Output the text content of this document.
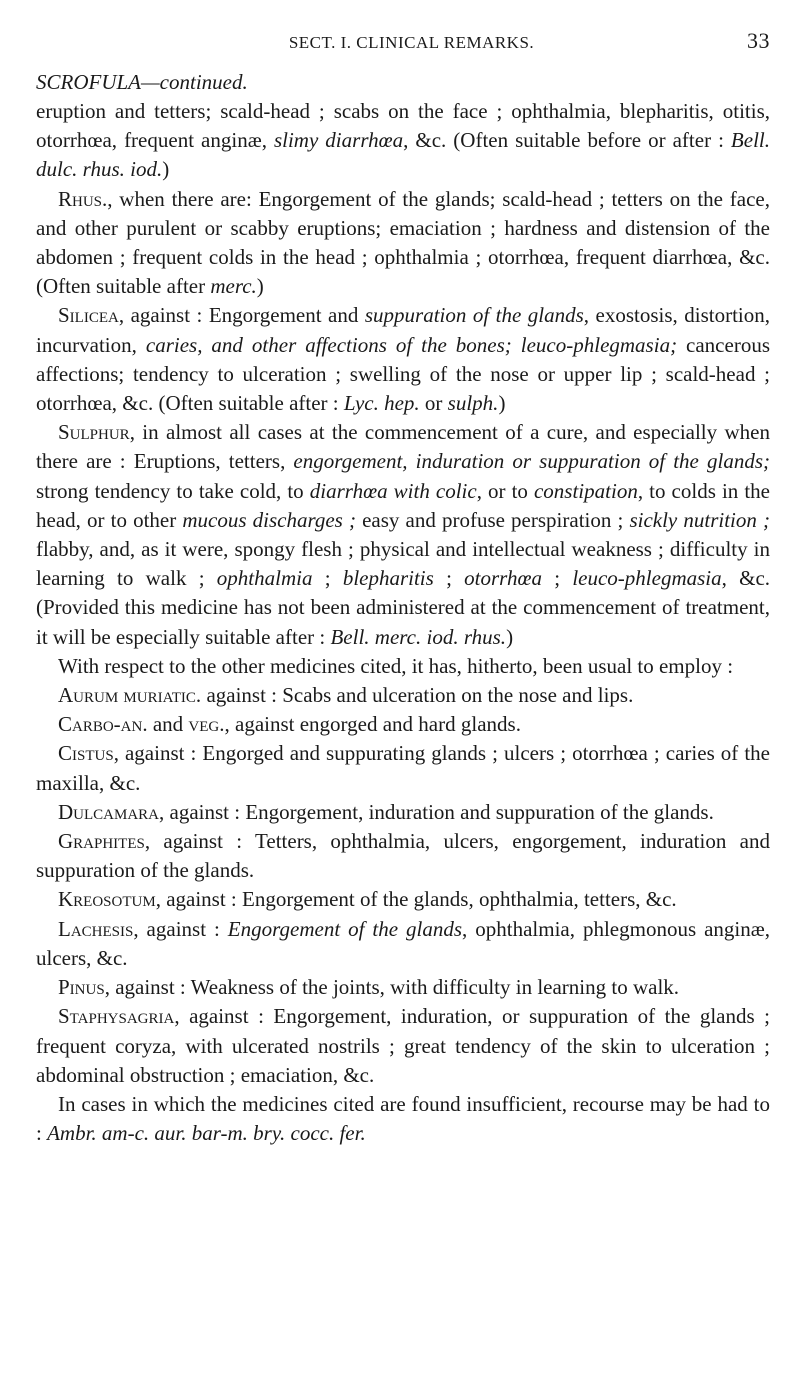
SECT. I. CLINICAL REMARKS.	33
SCROFULA—continued.

eruption and tetters; scald-head ; scabs on the face ; ophthalmia, blepharitis, otitis, otorrhœa, frequent anginæ, slimy diarrhœa, &c. (Often suitable before or after : Bell. dulc. rhus. iod.)

Rhus., when there are: Engorgement of the glands; scald-head ; tetters on the face, and other purulent or scabby eruptions; emaciation ; hardness and distension of the abdomen ; frequent colds in the head ; ophthalmia ; otorrhœa, frequent diarrhœa, &c. (Often suitable after merc.)

Silicea, against : Engorgement and suppuration of the glands, exostosis, distortion, incurvation, caries, and other affections of the bones; leuco-phlegmasia; cancerous affections; tendency to ulceration ; swelling of the nose or upper lip ; scald-head ; otorrhœa, &c. (Often suitable after : Lyc. hep. or sulph.)

Sulphur, in almost all cases at the commencement of a cure, and especially when there are : Eruptions, tetters, engorgement, induration or suppuration of the glands; strong tendency to take cold, to diarrhœa with colic, or to constipation, to colds in the head, or to other mucous discharges ; easy and profuse perspiration ; sickly nutrition ; flabby, and, as it were, spongy flesh ; physical and intellectual weakness ; difficulty in learning to walk ; ophthalmia ; blepharitis ; otorrhœa ; leuco-phlegmasia, &c. (Provided this medicine has not been administered at the commencement of treatment, it will be especially suitable after : Bell. merc. iod. rhus.)

With respect to the other medicines cited, it has, hitherto, been usual to employ :

Aurum muriatic. against : Scabs and ulceration on the nose and lips.

Carbo-an. and veg., against engorged and hard glands.

Cistus, against : Engorged and suppurating glands ; ulcers ; otorrhœa ; caries of the maxilla, &c.

Dulcamara, against : Engorgement, induration and suppuration of the glands.

Graphites, against : Tetters, ophthalmia, ulcers, engorgement, induration and suppuration of the glands.

Kreosotum, against : Engorgement of the glands, ophthalmia, tetters, &c.

Lachesis, against : Engorgement of the glands, ophthalmia, phlegmonous anginæ, ulcers, &c.

Pinus, against : Weakness of the joints, with difficulty in learning to walk.

Staphysagria, against : Engorgement, induration, or suppuration of the glands ; frequent coryza, with ulcerated nostrils ; great tendency of the skin to ulceration ; abdominal obstruction ; emaciation, &c.

In cases in which the medicines cited are found insufficient, recourse may be had to : Ambr. am-c. aur. bar-m. bry. cocc. fer.
